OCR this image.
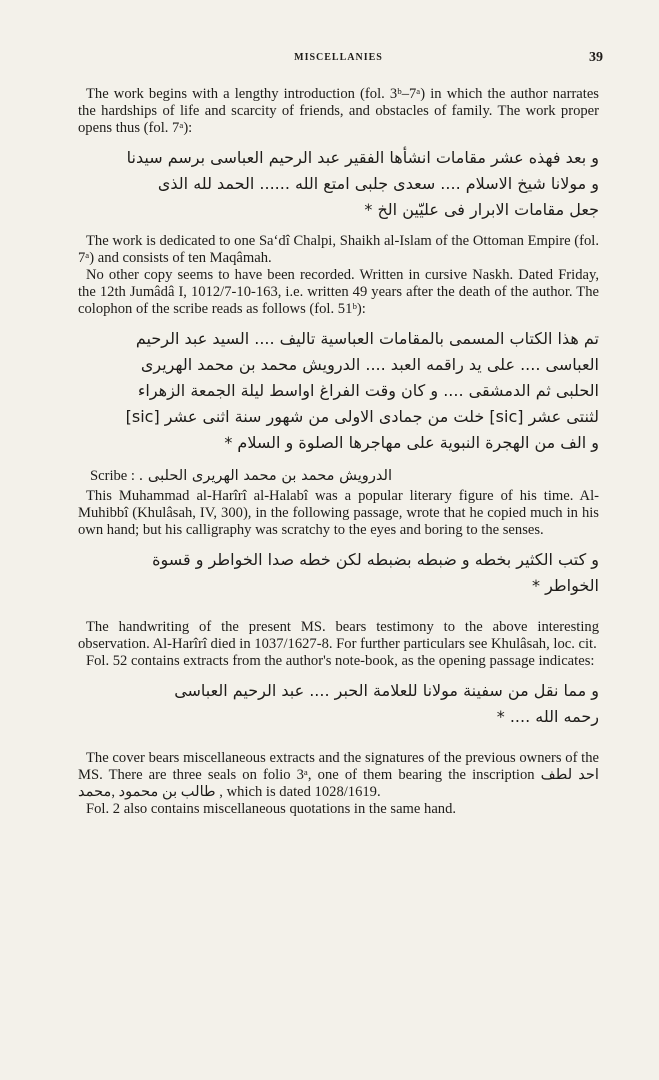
MISCELLANIES	39

The work begins with a lengthy introduction (fol. 3ᵇ–7ᵃ) in which the author narrates the hardships of life and scarcity of friends, and obstacles of family. The work proper opens thus (fol. 7ᵃ):

و بعد فهذه عشر مقامات انشأها الفقير عبد الرحيم العباسى برسم سيدنا

و مولانا شيخ الاسلام .... سعدى جلبى امتع الله ...... الحمد لله الذى

جعل مقامات الابرار فى عليّين الخ *

The work is dedicated to one Sa‘dî Chalpi, Shaikh al-Islam of the Ottoman Empire (fol. 7ᵃ) and consists of ten Maqâmah.

No other copy seems to have been recorded. Written in cursive Naskh. Dated Friday, the 12th Jumâdâ I, 1012/7-10-163, i.e. written 49 years after the death of the author. The colophon of the scribe reads as follows (fol. 51ᵇ):

تم هذا الكتاب المسمى بالمقامات العباسية تاليف .... السيد عبد الرحيم

العباسى .... على يد راقمه العبد .... الدرويش محمد بن محمد الهريرى

الحلبى ثم الدمشقى .... و كان وقت الفراغ اواسط ليلة الجمعة الزهراء

لثنتى عشر [sic] خلت من جمادى الاولى من شهور سنة اثنى عشر [sic]

و الف من الهجرة النبوية على مهاجرها الصلوة و السلام *

Scribe : الدرويش محمد بن محمد الهريرى الحلبى .

This Muhammad al-Harîrî al-Halabî was a popular literary figure of his time. Al-Muhibbî (Khulâsah, IV, 300), in the following passage, wrote that he copied much in his own hand; but his calligraphy was scratchy to the eyes and boring to the senses.

و كتب الكثير بخطه و ضبطه بضبطه لكن خطه صدا الخواطر و قسوة

الخواطر *

The handwriting of the present MS. bears testimony to the above interesting observation. Al-Harîrî died in 1037/1627-8. For further particulars see Khulâsah, loc. cit.

Fol. 52 contains extracts from the author's note-book, as the opening passage indicates:

و مما نقل من سفينة مولانا للعلامة الحبر .... عبد الرحيم العباسى

رحمه الله .... *

The cover bears miscellaneous extracts and the signatures of the previous owners of the MS. There are three seals on folio 3ᵃ, one of them bearing the inscription احد لطف طالب بن محمود ,محمد , which is dated 1028/1619.

Fol. 2 also contains miscellaneous quotations in the same hand.
